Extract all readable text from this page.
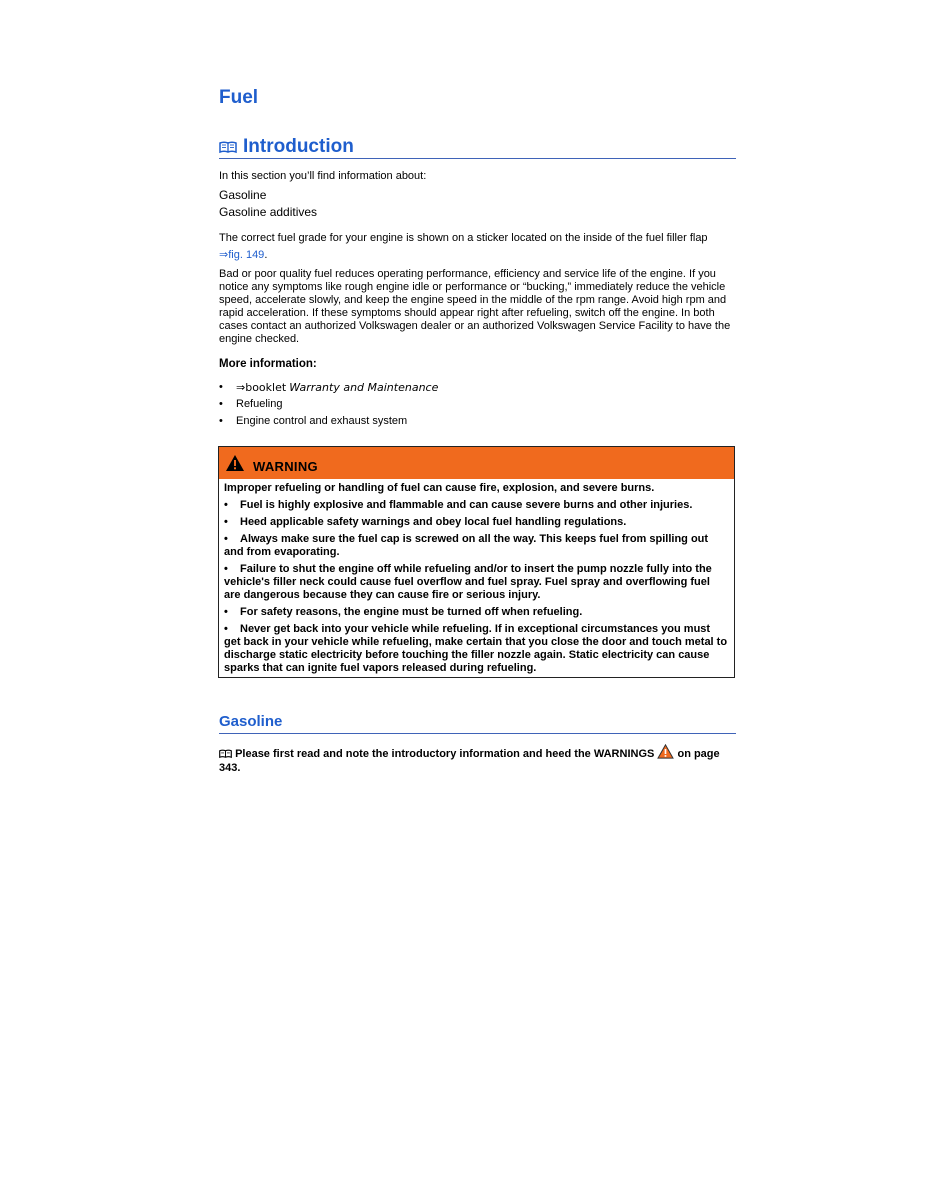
Fuel
Introduction

In this section you’ll find information about:

Gasoline

Gasoline additives

The correct fuel grade for your engine is shown on a sticker located on the inside of the fuel filler flap

⇒fig. 149.

Bad or poor quality fuel reduces operating performance, efficiency and service life of the engine. If you notice any symptoms like rough engine idle or performance or “bucking,” immediately reduce the vehicle speed, accelerate slowly, and keep the engine speed in the middle of the rpm range. Avoid high rpm and rapid acceleration. If these symptoms should appear right after refueling, switch off the engine. In both cases contact an authorized Volkswagen dealer or an authorized Volkswagen Service Facility to have the engine checked.

More information:

• ⇒booklet Warranty and Maintenance
• Refueling
• Engine control and exhaust system
WARNING
Improper refueling or handling of fuel can cause fire, explosion, and severe burns.
• Fuel is highly explosive and flammable and can cause severe burns and other injuries.
• Heed applicable safety warnings and obey local fuel handling regulations.
• Always make sure the fuel cap is screwed on all the way. This keeps fuel from spilling out and from evaporating.
• Failure to shut the engine off while refueling and/or to insert the pump nozzle fully into the vehicle's filler neck could cause fuel overflow and fuel spray. Fuel spray and overflowing fuel are dangerous because they can cause fire or serious injury.
• For safety reasons, the engine must be turned off when refueling.
• Never get back into your vehicle while refueling. If in exceptional circumstances you must get back in your vehicle while refueling, make certain that you close the door and touch metal to discharge static electricity before touching the filler nozzle again. Static electricity can cause sparks that can ignite fuel vapors released during refueling.
Gasoline

Please first read and note the introductory information and heed the WARNINGS on page 343.
